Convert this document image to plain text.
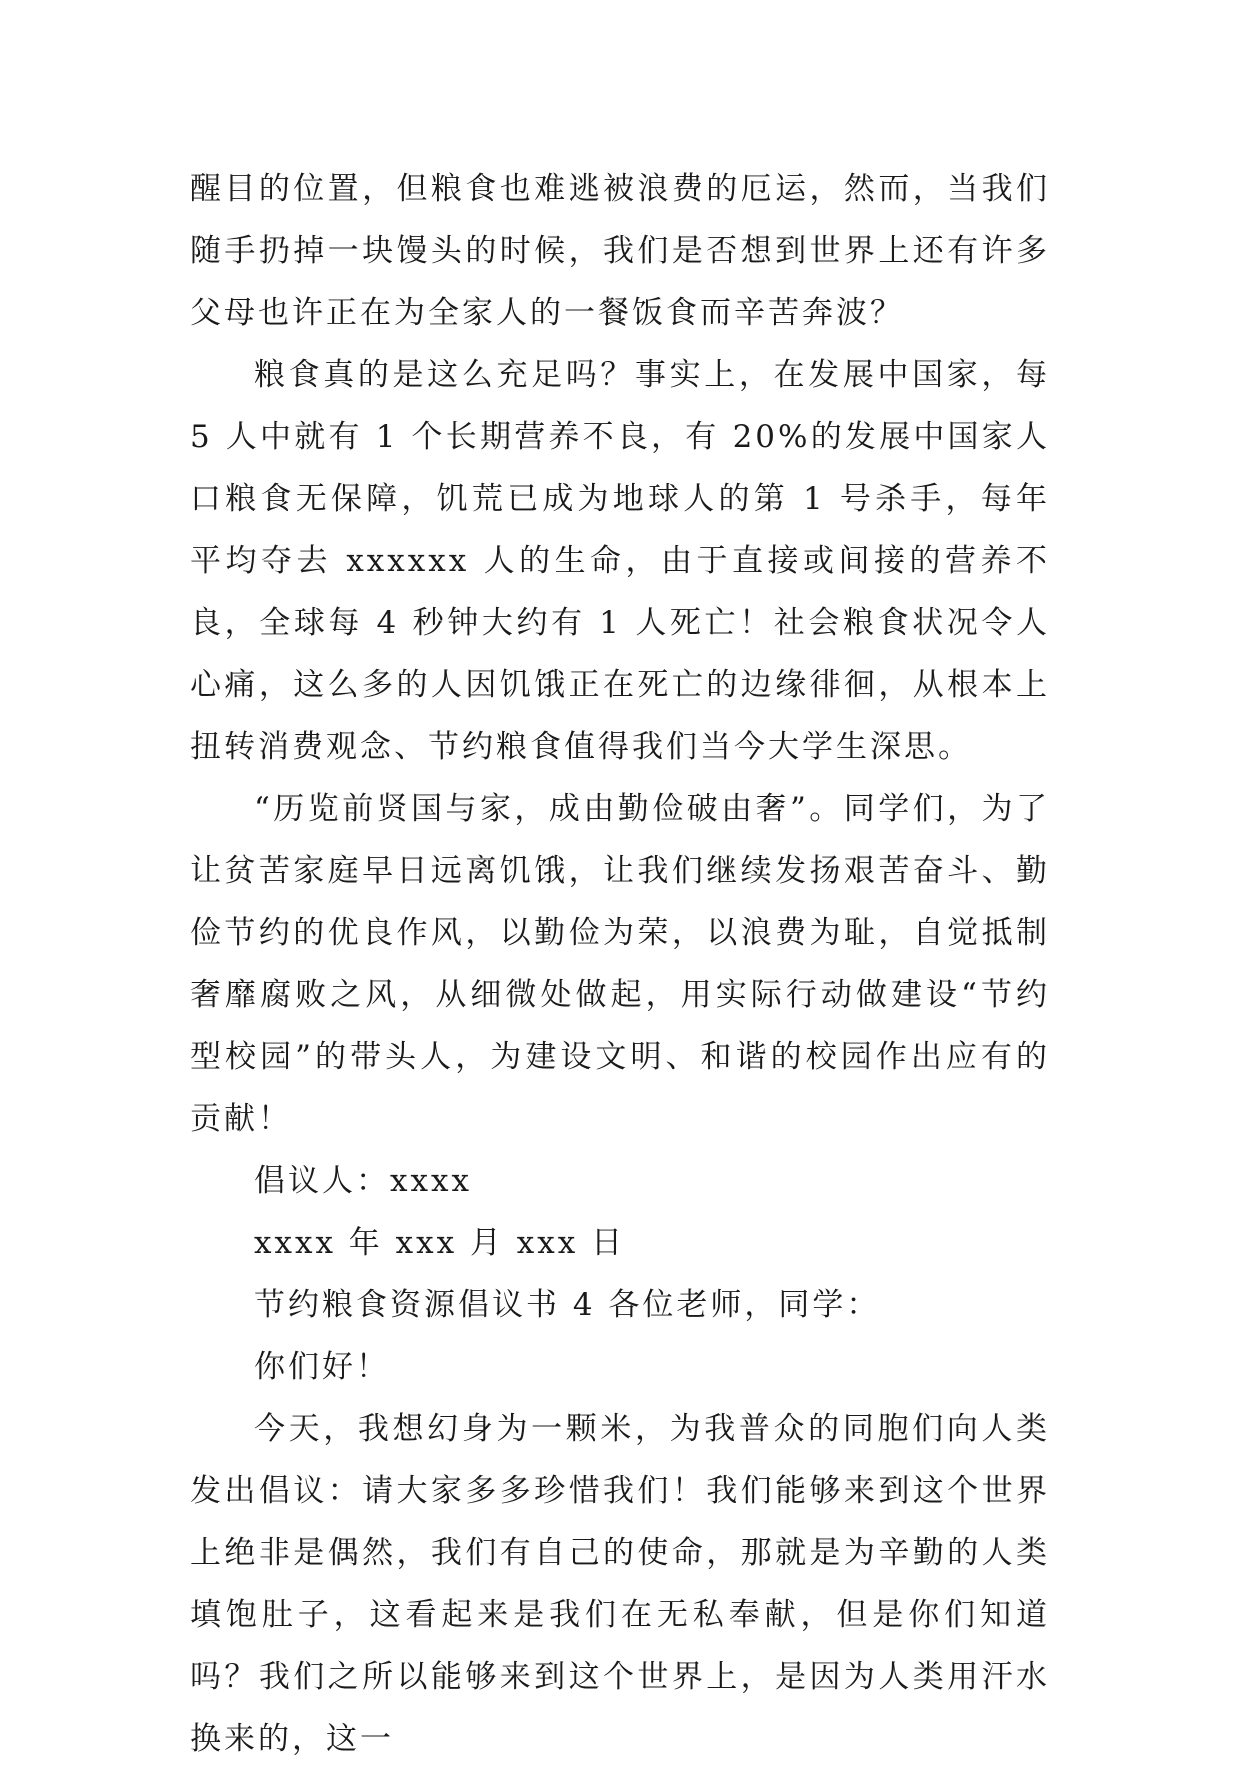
醒目的位置，但粮食也难逃被浪费的厄运，然而，当我们随手扔掉一块馒头的时候，我们是否想到世界上还有许多父母也许正在为全家人的一餐饭食而辛苦奔波？

粮食真的是这么充足吗？事实上，在发展中国家，每 5 人中就有 1 个长期营养不良，有 20%的发展中国家人口粮食无保障，饥荒已成为地球人的第 1 号杀手，每年平均夺去 xxxxxx 人的生命，由于直接或间接的营养不良，全球每 4 秒钟大约有 1 人死亡！社会粮食状况令人心痛，这么多的人因饥饿正在死亡的边缘徘徊，从根本上扭转消费观念、节约粮食值得我们当今大学生深思。

“历览前贤国与家，成由勤俭破由奢”。同学们，为了让贫苦家庭早日远离饥饿，让我们继续发扬艰苦奋斗、勤俭节约的优良作风，以勤俭为荣，以浪费为耻，自觉抵制奢靡腐败之风，从细微处做起，用实际行动做建设“节约型校园”的带头人，为建设文明、和谐的校园作出应有的贡献！

倡议人：xxxx

xxxx 年 xxx 月 xxx 日

节约粮食资源倡议书 4 各位老师，同学：

你们好！

今天，我想幻身为一颗米，为我普众的同胞们向人类发出倡议：请大家多多珍惜我们！我们能够来到这个世界上绝非是偶然，我们有自己的使命，那就是为辛勤的人类填饱肚子，这看起来是我们在无私奉献，但是你们知道吗？我们之所以能够来到这个世界上，是因为人类用汗水换来的，这一
